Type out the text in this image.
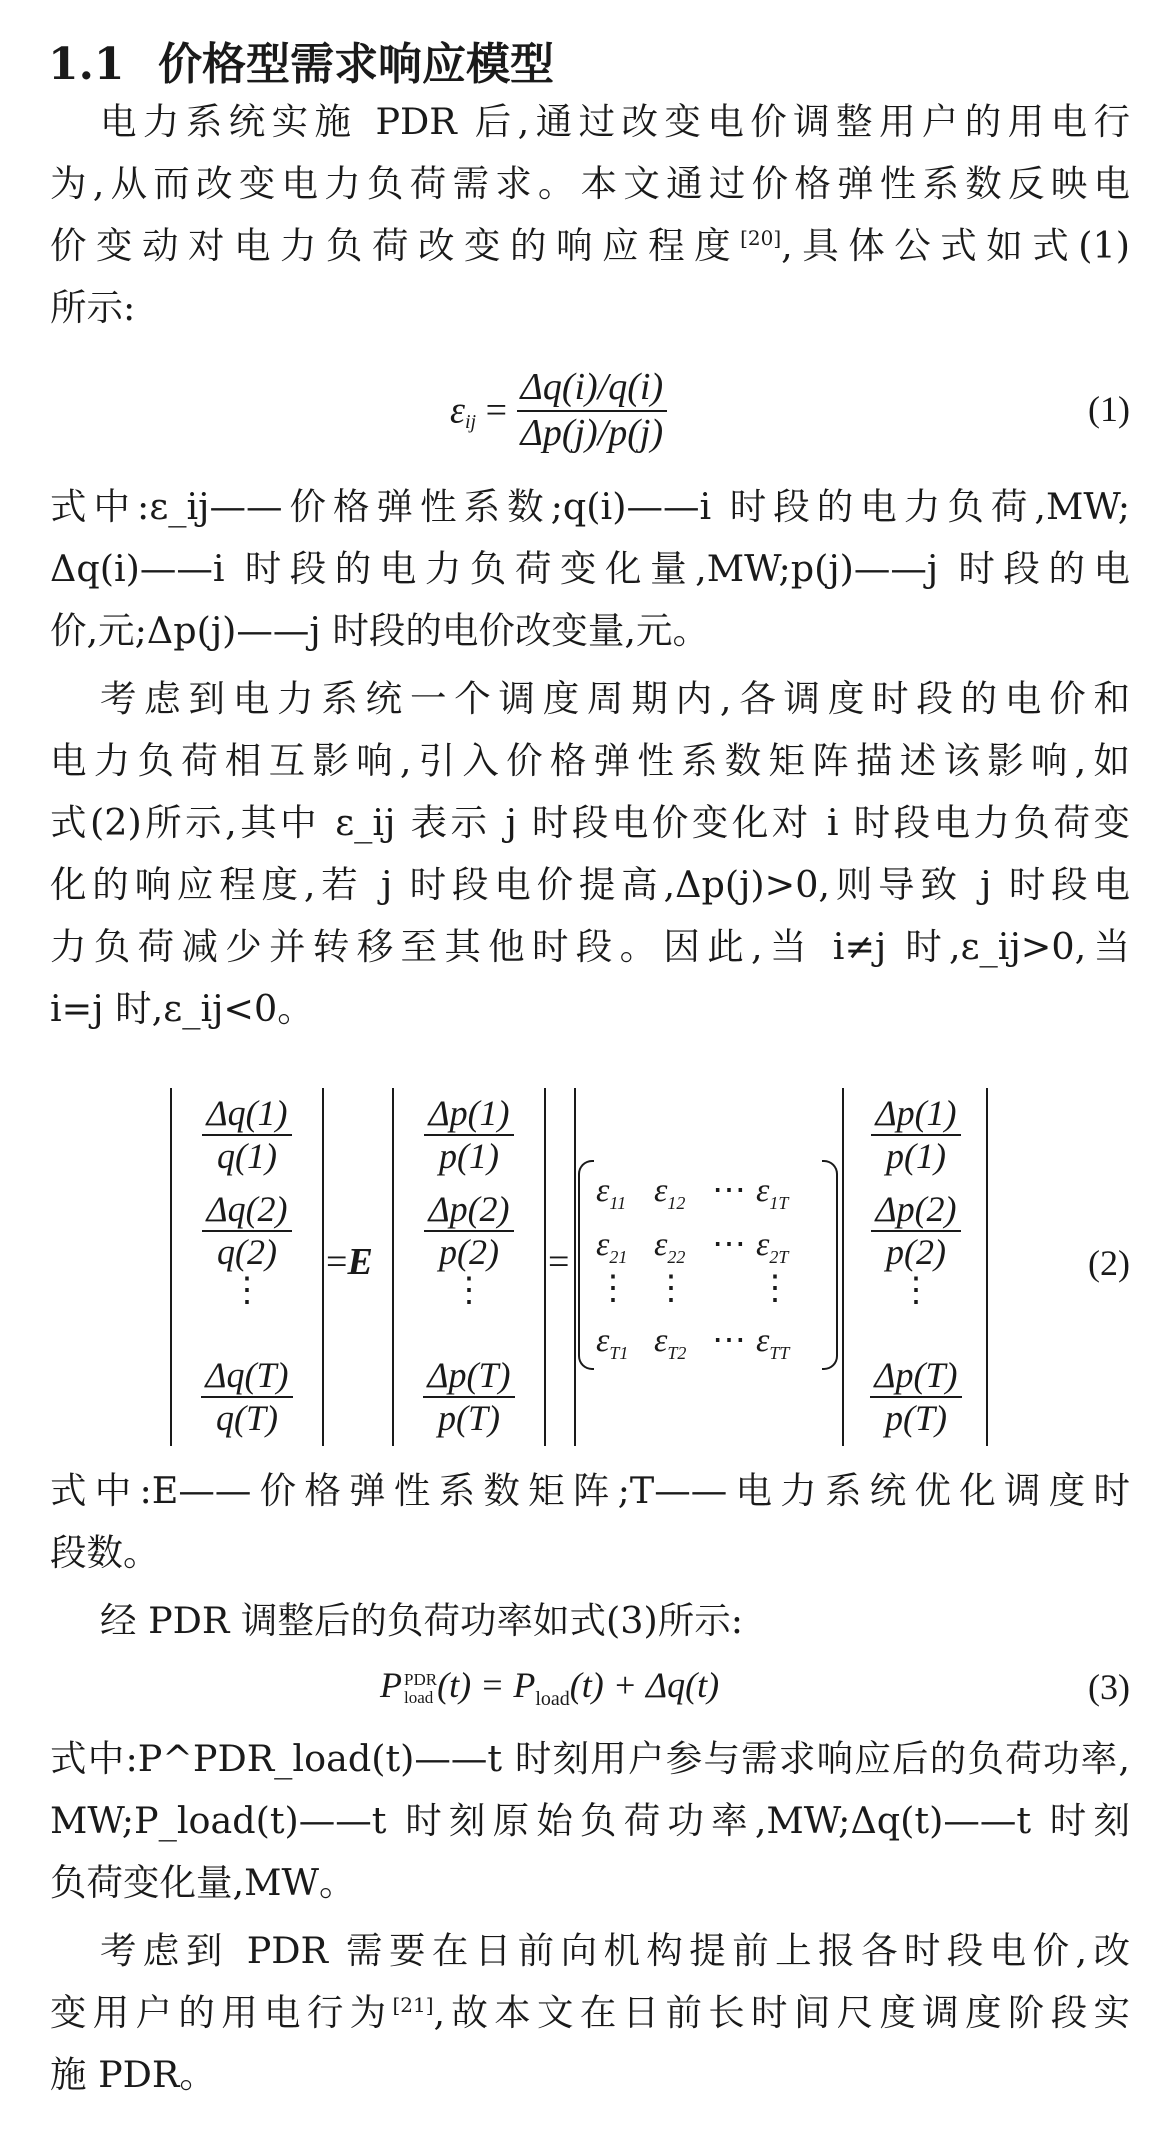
1.1 价格型需求响应模型
电力系统实施 PDR 后,通过改变电价调整用户的用电行
为,从而改变电力负荷需求。本文通过价格弹性系数反映电
价变动对电力负荷改变的响应程度[20],具体公式如式(1)
所示:
$\varepsilon_{ij} = \frac{\Delta q(i)/q(i)}{\Delta p(j)/p(j)}$	(1)
式中:ε_ij——价格弹性系数;q(i)——i 时段的电力负荷,MW;
Δq(i)——i 时段的电力负荷变化量,MW;p(j)——j 时段的电
价,元;Δp(j)——j 时段的电价改变量,元。
考虑到电力系统一个调度周期内,各调度时段的电价和
电力负荷相互影响,引入价格弹性系数矩阵描述该影响,如
式(2)所示,其中 ε_ij 表示 j 时段电价变化对 i 时段电力负荷变
化的响应程度,若 j 时段电价提高,Δp(j)>0,则导致 j 时段电
力负荷减少并转移至其他时段。因此,当 i≠j 时,ε_ij>0,当
i=j 时,ε_ij<0。
$\frac{\Delta q(1)}{q(1)}$
$\frac{\Delta q(2)}{q(2)}$
⋮
$\frac{\Delta q(T)}{q(T)}$
=E
$\frac{\Delta p(1)}{p(1)}$
$\frac{\Delta p(2)}{p(2)}$
⋮
$\frac{\Delta p(T)}{p(T)}$
=
$\varepsilon_{11}$ $\varepsilon_{12}$ ⋯ $\varepsilon_{1T}$
$\varepsilon_{21}$ $\varepsilon_{22}$ ⋯ $\varepsilon_{2T}$
⋮ ⋮ ⋮
$\varepsilon_{T1}$ $\varepsilon_{T2}$ ⋯ $\varepsilon_{TT}$
$\frac{\Delta p(1)}{p(1)}$
$\frac{\Delta p(2)}{p(2)}$
⋮
$\frac{\Delta p(T)}{p(T)}$
(2)
式中:E——价格弹性系数矩阵;T——电力系统优化调度时
段数。
经 PDR 调整后的负荷功率如式(3)所示:
P PDR
load $(t) = P_{load}(t) + \Delta q(t)$	(3)
式中:P^PDR_load(t)——t 时刻用户参与需求响应后的负荷功率,
MW;P_load(t)——t 时刻原始负荷功率,MW;Δq(t)——t 时刻
负荷变化量,MW。
考虑到 PDR 需要在日前向机构提前上报各时段电价,改
变用户的用电行为[21],故本文在日前长时间尺度调度阶段实
施 PDR。
